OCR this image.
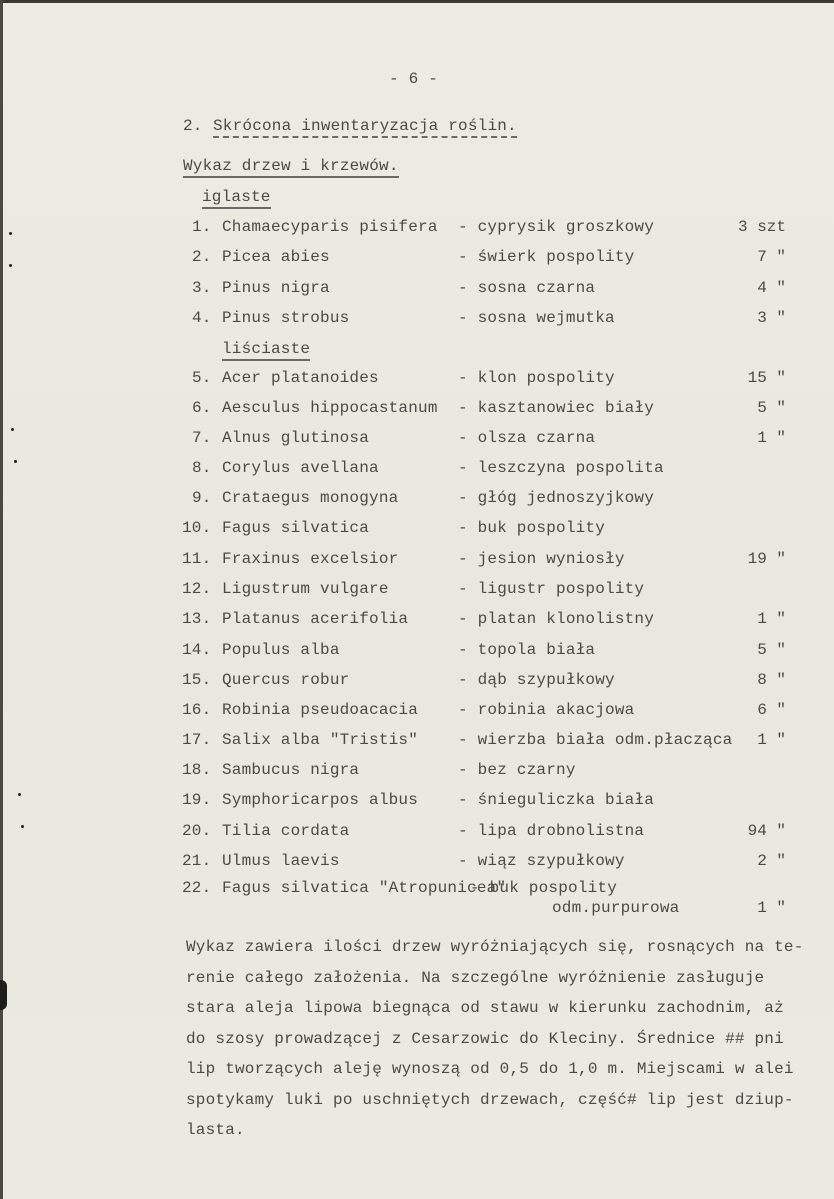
- 6 -
2. Skrócona inwentaryzacja roślin.
Wykaz drzew i krzewów.
iglaste
1. Chamaecyparis pisifera - cyprysik groszkowy	3 szt
2. Picea abies	- świerk pospolity	7 "
3. Pinus nigra	- sosna czarna	4 "
4. Pinus strobus	- sosna wejmutka	3 "
5. Acer platanoides	- klon pospolity	15 "
6. Aesculus hippocastanum - kasztanowiec biały	5 "
7. Alnus glutinosa	- olsza czarna	1 "
8. Corylus avellana	- leszczyna pospolita
9. Crataegus monogyna	- głóg jednoszyjkowy
10. Fagus silvatica	- buk pospolity
11. Fraxinus excelsior	- jesion wyniosły	19 "
12. Ligustrum vulgare	- ligustr pospolity
13. Platanus acerifolia	- platan klonolistny	1 "
14. Populus alba	- topola biała	5 "
15. Quercus robur	- dąb szypułkowy	8 "
16. Robinia pseudoacacia - robinia akacjowa	6 "
17. Salix alba "Tristis" - wierzba biała odm.płacząca	1 "
18. Sambucus nigra	- bez czarny
19. Symphoricarpos albus - śnieguliczka biała
20. Tilia cordata	- lipa drobnolistna	94 "
21. Ulmus laevis	- wiąz szypułkowy	2 "
22. Fagus silvatica "Atropunicea"
- buk pospolity
odm.purpurowa	1 "
liściaste
Wykaz zawiera ilości drzew wyróżniających się, rosnących na te-
renie całego założenia. Na szczególne wyróżnienie zasługuje
stara aleja lipowa biegnąca od stawu w kierunku zachodnim, aż
do szosy prowadzącej z Cesarzowic do Kleciny. Średnice ## pni
lip tworzących aleję wynoszą od 0,5 do 1,0 m. Miejscami w alei
spotykamy luki po uschniętych drzewach, część# lip jest dziup-
lasta.
